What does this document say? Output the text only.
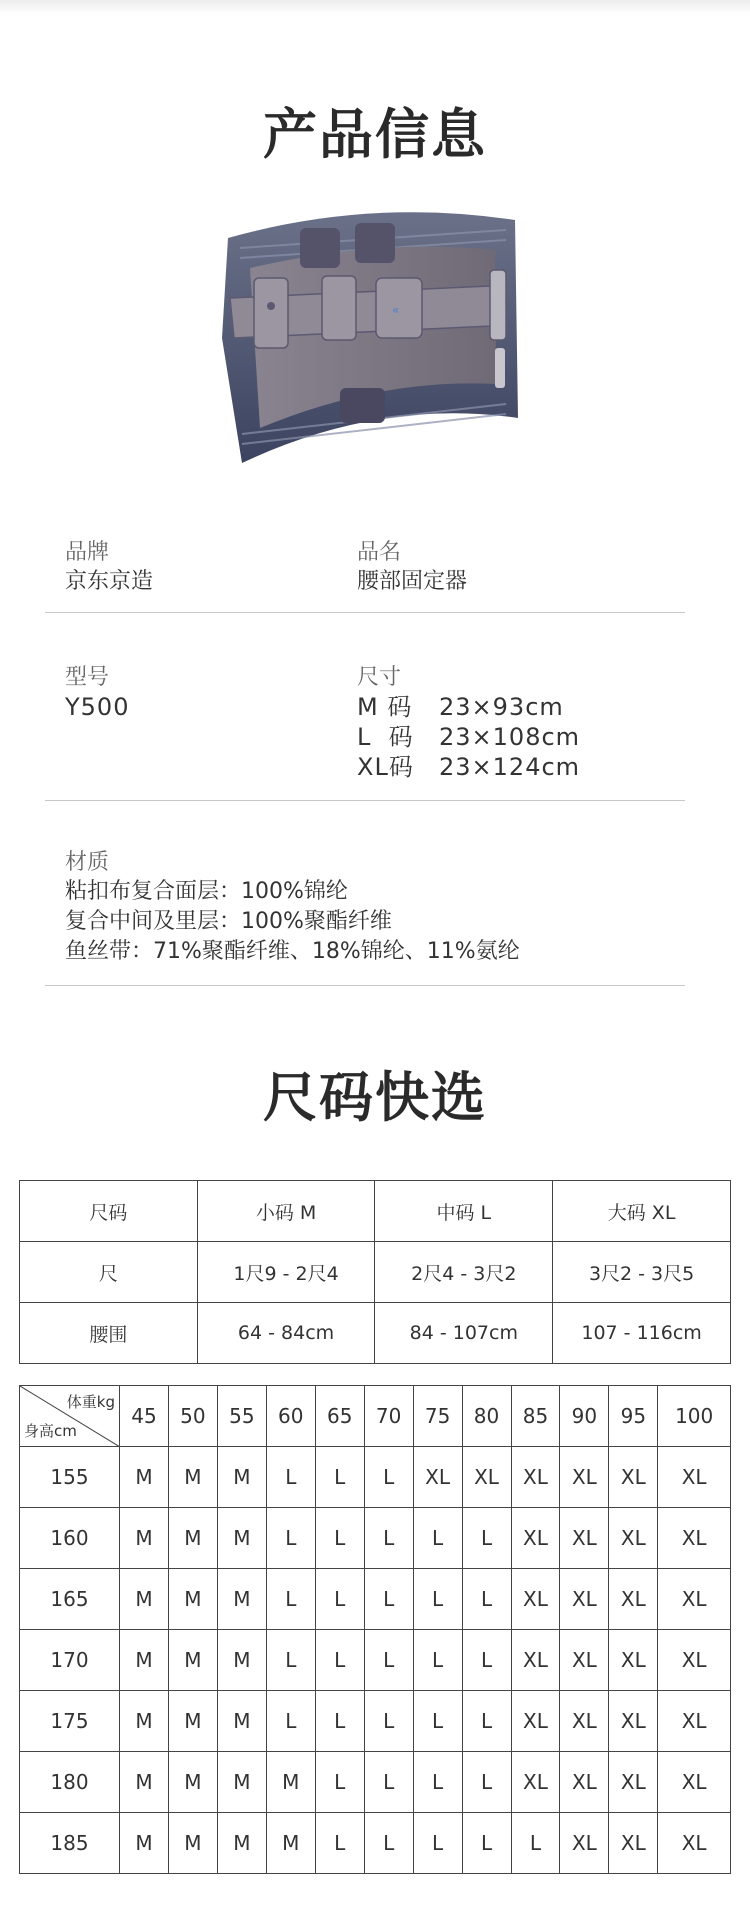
产品信息
«
品牌
京东京造
品名
腰部固定器
型号
Y500
尺寸
M 码	23×93cm
L  码	23×108cm
XL码	23×124cm
材质
粘扣布复合面层：100%锦纶
复合中间及里层：100%聚酯纤维
鱼丝带：71%聚酯纤维、18%锦纶、11%氨纶
尺码快选
尺码	小码 M	中码 L	大码 XL
尺	1尺9 - 2尺4	2尺4 - 3尺2	3尺2 - 3尺5
腰围	64 - 84cm	84 - 107cm	107 - 116cm
体重kg
身高cm	45	50	55	60	65	70	75	80	85	90	95	100
155	M	M	M	L	L	L	XL	XL	XL	XL	XL	XL
160	M	M	M	L	L	L	L	L	XL	XL	XL	XL
165	M	M	M	L	L	L	L	L	XL	XL	XL	XL
170	M	M	M	L	L	L	L	L	XL	XL	XL	XL
175	M	M	M	L	L	L	L	L	XL	XL	XL	XL
180	M	M	M	M	L	L	L	L	XL	XL	XL	XL
185	M	M	M	M	L	L	L	L	L	XL	XL	XL
